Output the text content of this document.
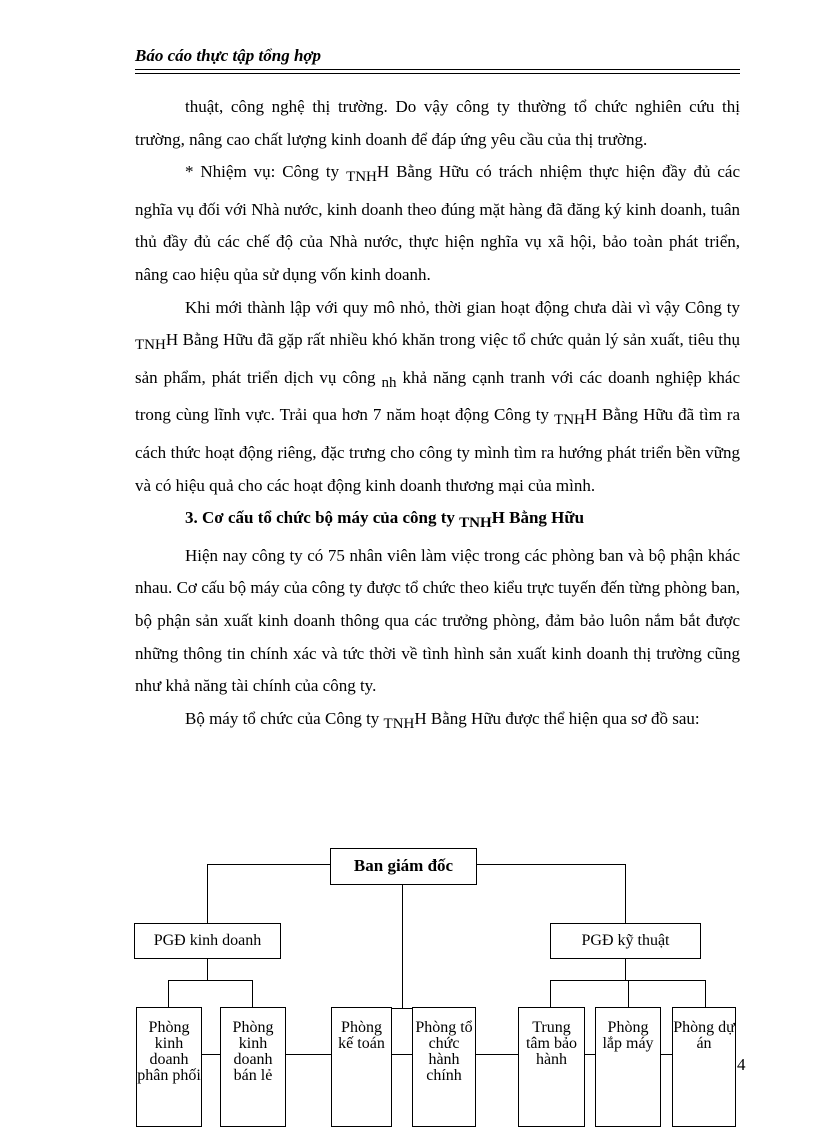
Báo cáo thực tập tổng hợp

thuật, công nghệ thị trường. Do vậy công ty thường tổ chức nghiên cứu thị trường, nâng cao chất lượng kinh doanh để đáp ứng yêu cầu của thị trường.

* Nhiệm vụ: Công ty TNHH Bằng Hữu có trách nhiệm thực hiện đầy đủ các nghĩa vụ đối với Nhà nước, kinh doanh theo đúng mặt hàng đã đăng ký kinh doanh, tuân thủ đầy đủ các chế độ của Nhà nước, thực hiện nghĩa vụ xã hội, bảo toàn phát triển, nâng cao hiệu qủa sử dụng vốn kinh doanh.

Khi mới thành lập với quy mô nhỏ, thời gian hoạt động chưa dài vì vậy Công ty TNHH Bằng Hữu đã gặp rất nhiều khó khăn trong việc tổ chức quản lý sản xuất, tiêu thụ sản phẩm, phát triển dịch vụ công nh khả năng cạnh tranh với các doanh nghiệp khác trong cùng lĩnh vực. Trải qua hơn 7 năm hoạt động Công ty TNHH Bằng Hữu đã tìm ra cách thức hoạt động riêng, đặc trưng cho công ty mình tìm ra hướng phát triển bền vững và có hiệu quả cho các hoạt động kinh doanh thương mại của mình.

3. Cơ cấu tổ chức bộ máy của công ty TNHH Bằng Hữu

Hiện nay công ty có 75 nhân viên làm việc trong các phòng ban và bộ phận khác nhau. Cơ cấu bộ máy của công ty được tổ chức theo kiểu trực tuyến đến từng phòng ban, bộ phận sản xuất kinh doanh thông qua các trưởng phòng, đảm bảo luôn nắm bắt được những thông tin chính xác và tức thời về tình hình sản xuất kinh doanh thị trường cũng như khả năng tài chính của công ty.

Bộ máy tổ chức của Công ty TNHH Bằng Hữu được thể hiện qua sơ đồ sau:

Ban giám đốc
PGĐ kinh doanh	PGĐ kỹ thuật
Phòng kinh doanh phân phối
Phòng kinh doanh bán lẻ
Phòng kế toán
Phòng tổ chức hành chính
Trung tâm bảo hành
Phòng lắp máy
Phòng dự án
4
